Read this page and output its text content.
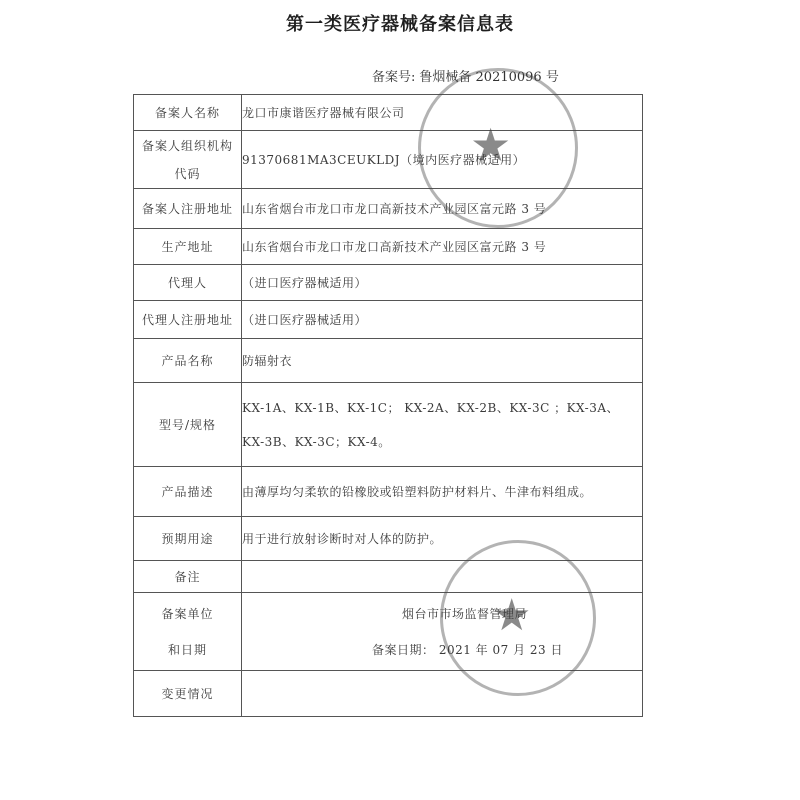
第一类医疗器械备案信息表
备案号: 鲁烟械备 20210096 号
备案人名称	龙口市康谐医疗器械有限公司

备案人组织机构
代码	91370681MA3CEUKLDJ（境内医疗器械适用）
备案人注册地址	山东省烟台市龙口市龙口高新技术产业园区富元路 3 号
生产地址	山东省烟台市龙口市龙口高新技术产业园区富元路 3 号
代理人	（进口医疗器械适用）
代理人注册地址	（进口医疗器械适用）
产品名称	防辐射衣
型号/规格	KX-1A、KX-1B、KX-1C； KX-2A、KX-2B、KX-3C ；KX-3A、
KX-3B、KX-3C；KX-4。

产品描述	由薄厚均匀柔软的铅橡胶或铅塑料防护材料片、牛津布料组成。
预期用途	用于进行放射诊断时对人体的防护。
备注	

备案单位
和日期	烟台市市场监督管理局
备案日期： 2021 年 07 月 23 日

变更情况	
★
★
